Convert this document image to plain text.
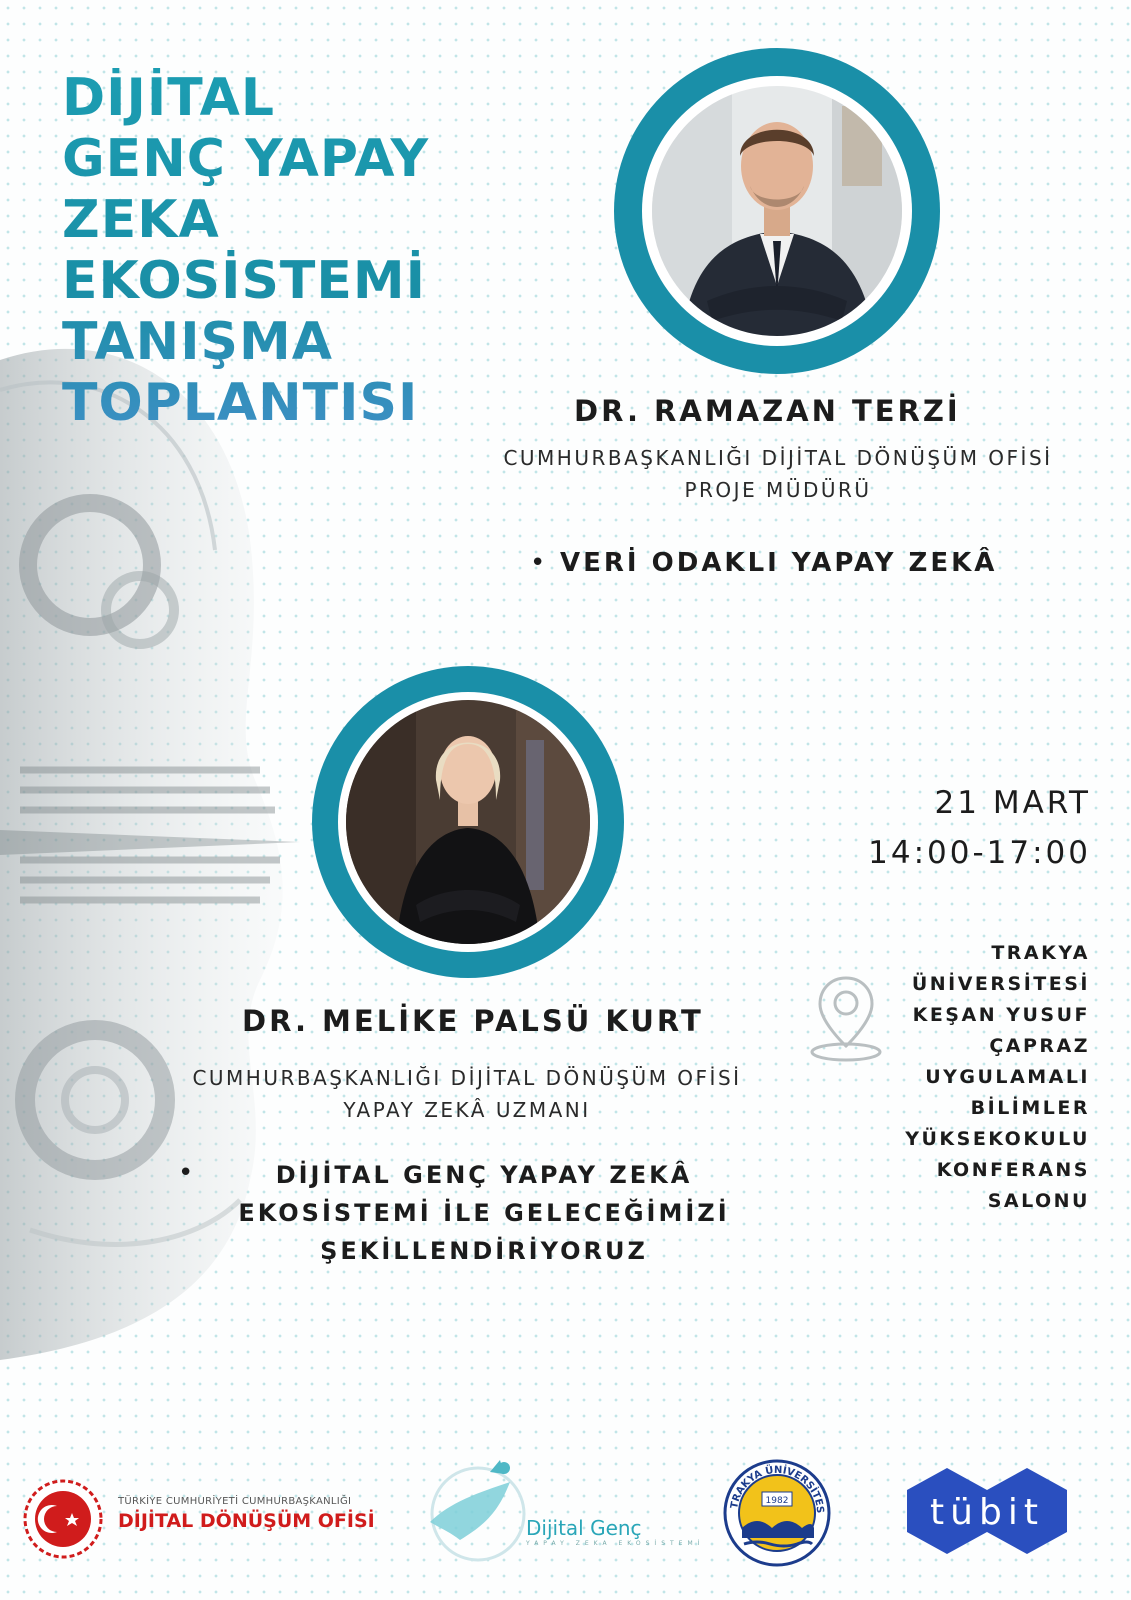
DİJİTAL
GENÇ YAPAY
ZEKA
EKOSİSTEMİ
TANIŞMA
TOPLANTISI	DR. RAMAZAN TERZİ
CUMHURBAŞKANLIĞI DİJİTAL DÖNÜŞÜM OFİSİ
PROJE MÜDÜRÜ
• VERİ ODAKLI YAPAY ZEKÂ
DR. MELİKE PALSÜ KURT
CUMHURBAŞKANLIĞI DİJİTAL DÖNÜŞÜM OFİSİ
YAPAY ZEKÂ UZMANI
•	DİJİTAL GENÇ YAPAY ZEKÂ
EKOSİSTEMİ İLE GELECEĞİMİZİ
ŞEKİLLENDİRİYORUZ
21 MART
14:00-17:00
TRAKYA
ÜNİVERSİTESİ
KEŞAN YUSUF
ÇAPRAZ
UYGULAMALI
BİLİMLER
YÜKSEKOKULU
KONFERANS
SALONU
TÜRKİYE CUMHURİYETİ CUMHURBAŞKANLIĞI
DİJİTAL DÖNÜŞÜM OFİSİ	Dijital Genç
YAPAY ZEKA EKOSİSTEMİ
TRAKYA ÜNİVERSİTES
1982	tübit
